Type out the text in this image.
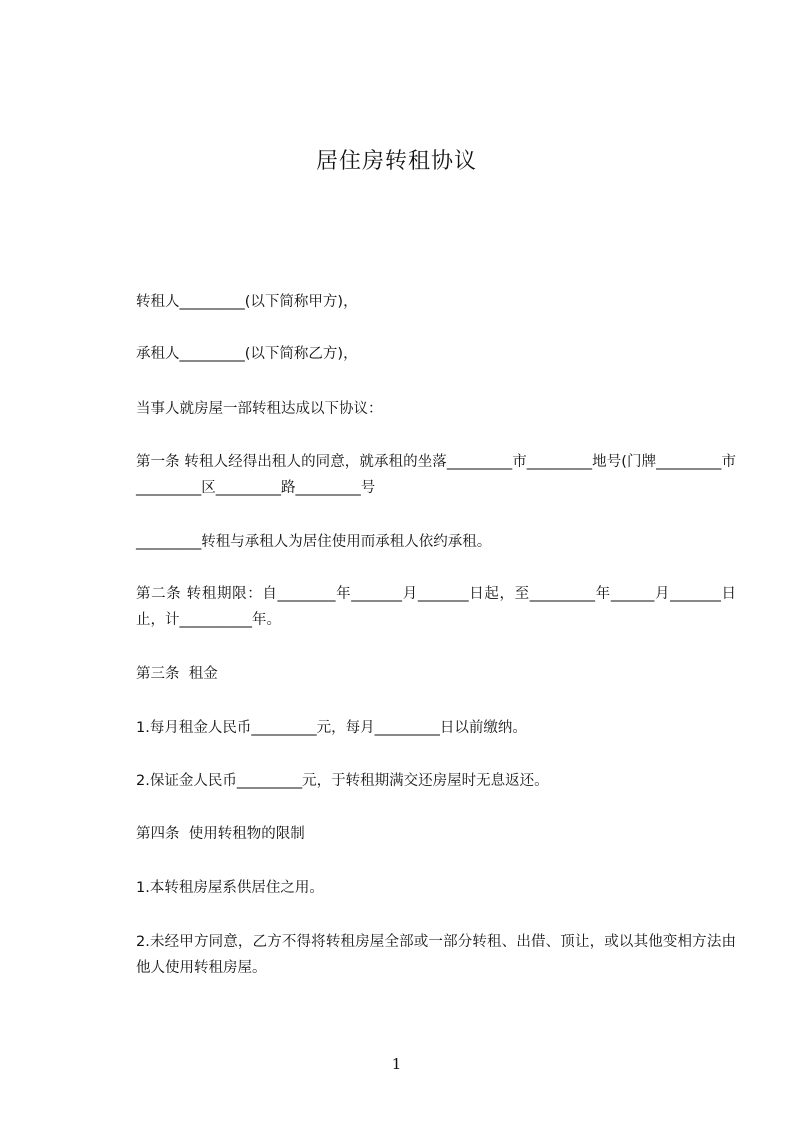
居住房转租协议
转租人_________(以下简称甲方)，
承租人_________(以下简称乙方)，
当事人就房屋一部转租达成以下协议：
第一条 转租人经得出租人的同意，就承租的坐落_________市_________地号(门牌_________市_________区_________路_________号
_________转租与承租人为居住使用而承租人依约承租。
第二条 转租期限：自________年_______月_______日起，至_________年______月_______日止，计__________年。
第三条  租金
1.每月租金人民币_________元，每月_________日以前缴纳。
2.保证金人民币_________元，于转租期满交还房屋时无息返还。
第四条  使用转租物的限制
1.本转租房屋系供居住之用。
2.未经甲方同意，乙方不得将转租房屋全部或一部分转租、出借、顶让，或以其他变相方法由他人使用转租房屋。
1
